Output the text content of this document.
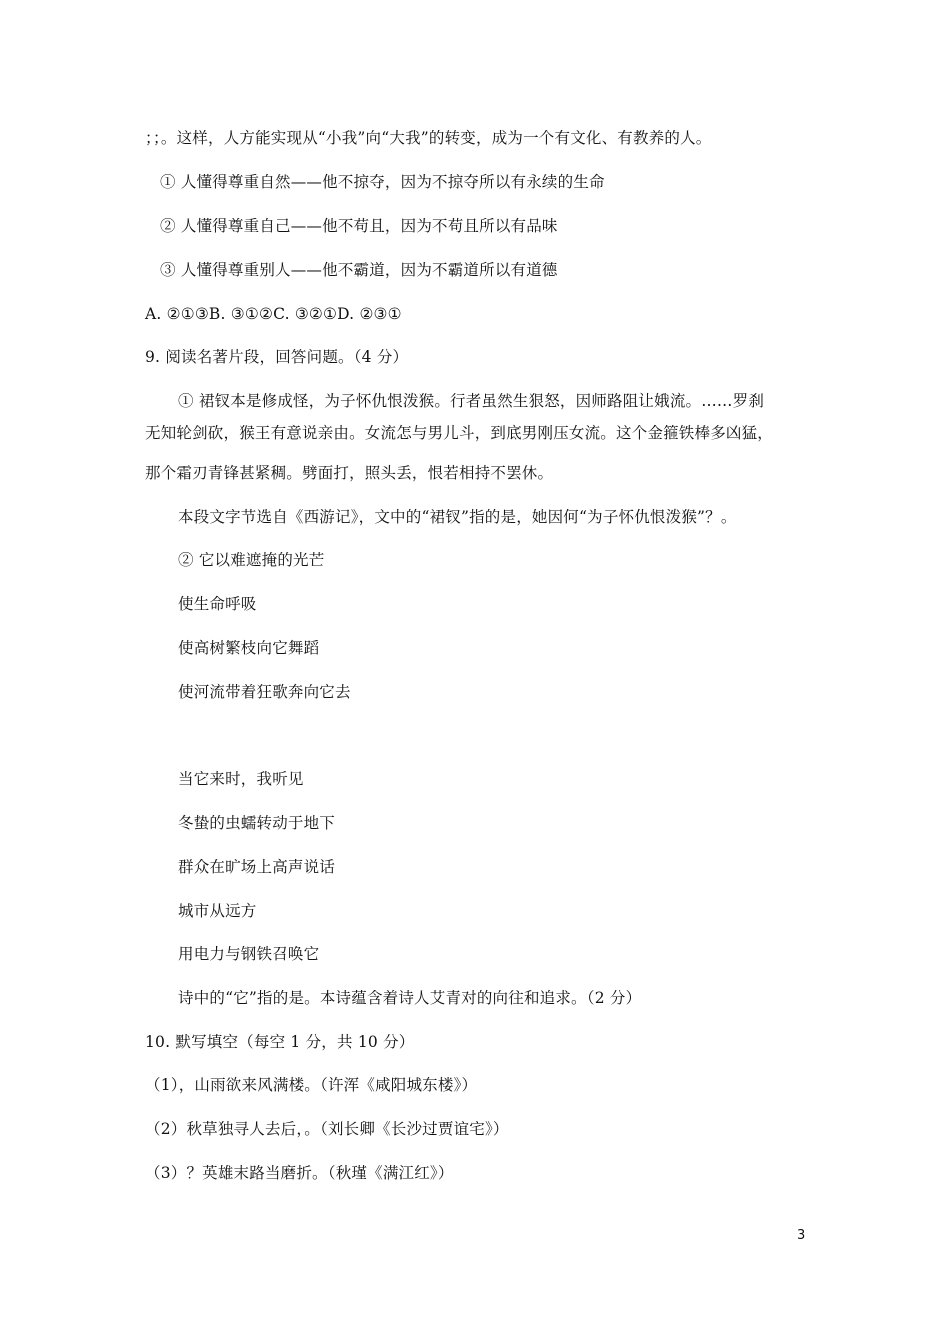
；；。这样，人方能实现从“小我”向“大我”的转变，成为一个有文化、有教养的人。
① 人懂得尊重自然——他不掠夺，因为不掠夺所以有永续的生命
② 人懂得尊重自己——他不苟且，因为不苟且所以有品味
③ 人懂得尊重别人——他不霸道，因为不霸道所以有道德
A. ②①③B. ③①②C. ③②①D. ②③①
9. 阅读名著片段，回答问题。（4 分）
① 裙钗本是修成怪，为子怀仇恨泼猴。行者虽然生狠怒，因师路阻让娥流。……罗刹
无知轮剑砍，猴王有意说亲由。女流怎与男儿斗，到底男刚压女流。这个金箍铁棒多凶猛，
那个霜刃青锋甚紧稠。劈面打，照头丢，恨若相持不罢休。
本段文字节选自《西游记》，文中的“裙钗”指的是，她因何“为子怀仇恨泼猴”？。
② 它以难遮掩的光芒
使生命呼吸
使高树繁枝向它舞蹈
使河流带着狂歌奔向它去
当它来时，我听见
冬蛰的虫蠕转动于地下
群众在旷场上高声说话
城市从远方
用电力与钢铁召唤它
诗中的“它”指的是。本诗蕴含着诗人艾青对的向往和追求。（2 分）
10. 默写填空（每空 1 分，共 10 分）
（1），山雨欲来风满楼。（许浑《咸阳城东楼》）
（2）秋草独寻人去后，。（刘长卿《长沙过贾谊宅》）
（3）？英雄末路当磨折。（秋瑾《满江红》）
3
